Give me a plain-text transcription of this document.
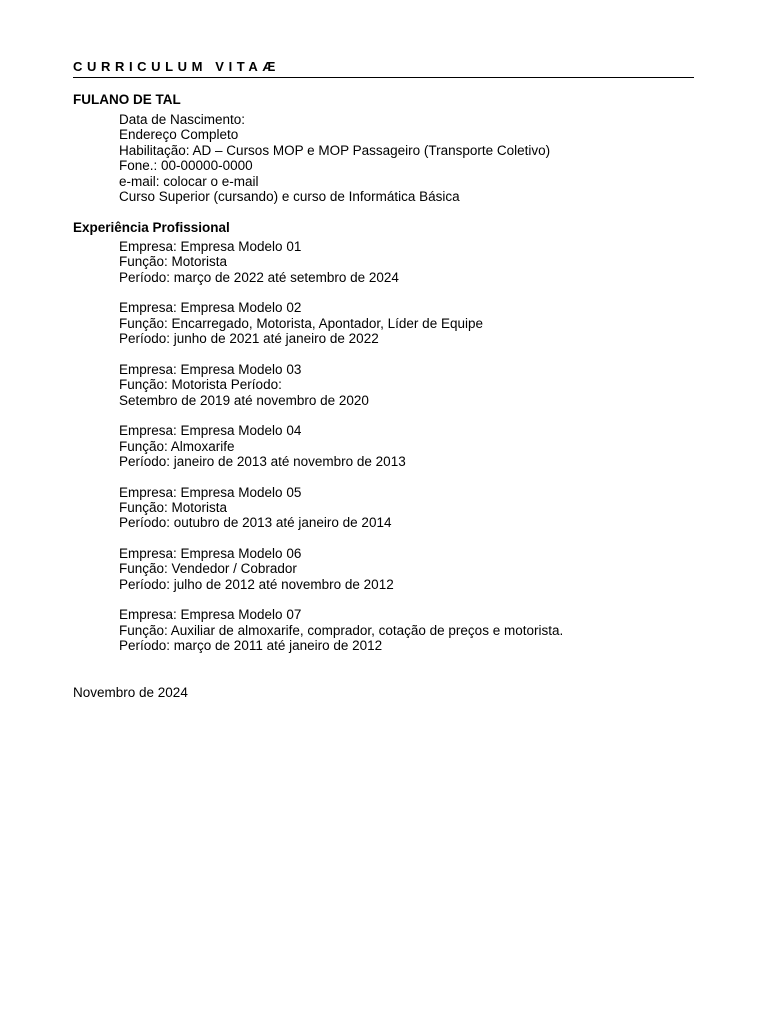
CURRICULUM VITAÆ
FULANO DE TAL
Data de Nascimento:
Endereço Completo
Habilitação: AD – Cursos MOP e MOP Passageiro (Transporte Coletivo)
Fone.: 00-00000-0000
e-mail: colocar o e-mail
Curso Superior (cursando) e curso de Informática Básica
Experiência Profissional
Empresa: Empresa Modelo 01
Função: Motorista
Período: março de 2022 até setembro de 2024
Empresa: Empresa Modelo 02
Função: Encarregado, Motorista, Apontador, Líder de Equipe
Período: junho de 2021 até janeiro de 2022
Empresa: Empresa Modelo 03
Função: Motorista Período:
Setembro de 2019 até novembro de 2020
Empresa: Empresa Modelo 04
Função: Almoxarife
Período: janeiro de 2013 até novembro de 2013
Empresa: Empresa Modelo 05
Função: Motorista
Período: outubro de 2013 até janeiro de 2014
Empresa: Empresa Modelo 06
Função: Vendedor / Cobrador
Período: julho de 2012 até novembro de 2012
Empresa: Empresa Modelo 07
Função: Auxiliar de almoxarife, comprador, cotação de preços e motorista.
Período: março de 2011 até janeiro de 2012
Novembro de 2024
